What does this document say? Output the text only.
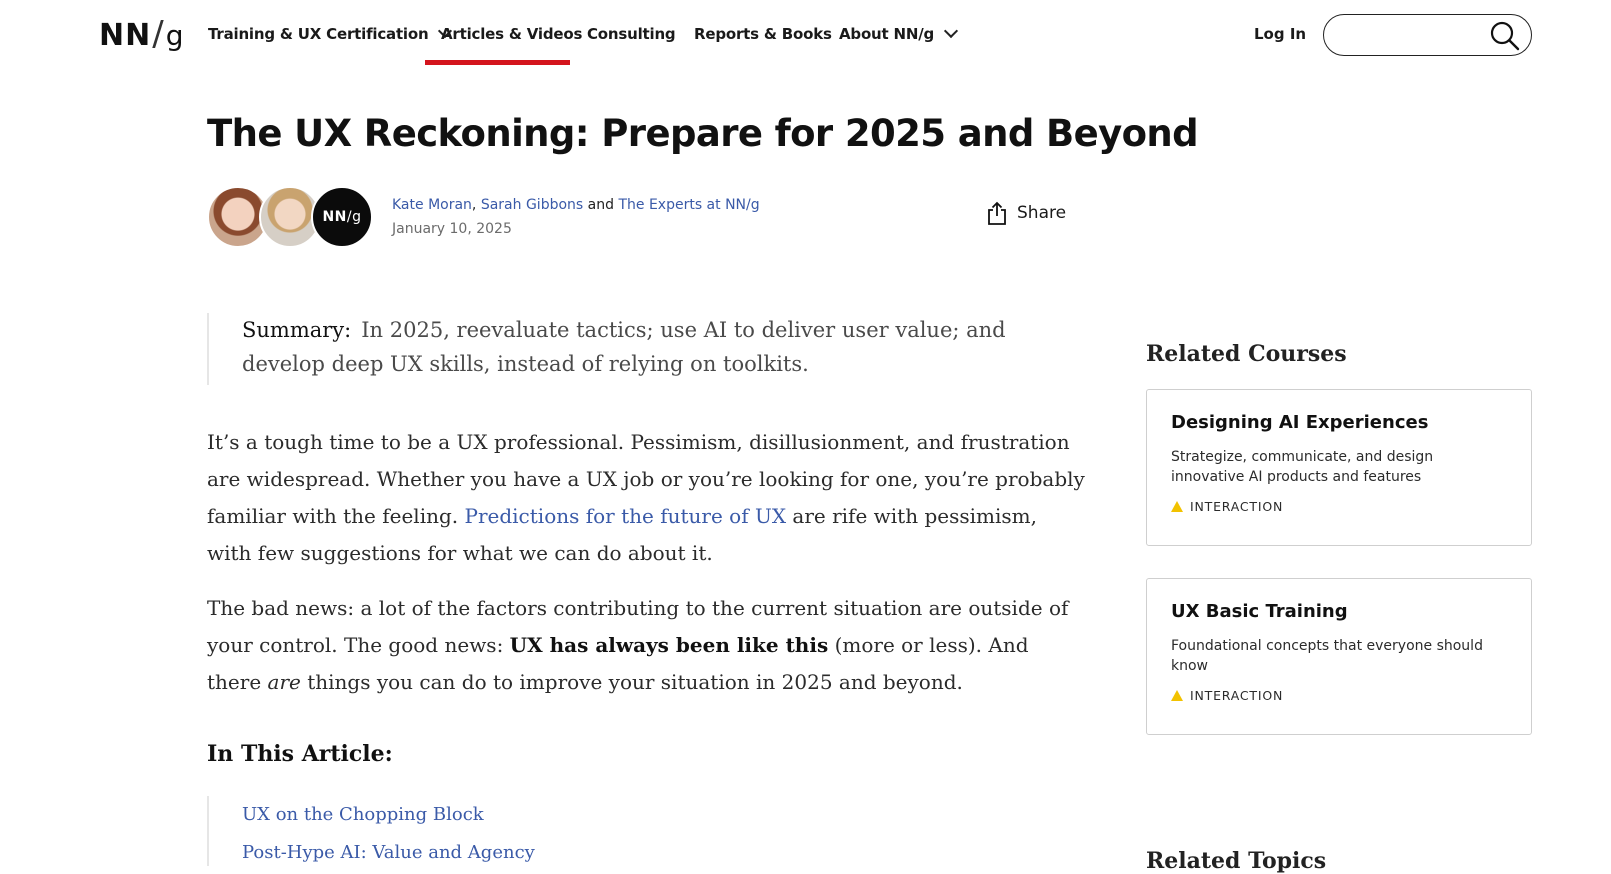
NN / g Training & UX Certification Articles & Videos Consulting Reports & Books About NN/g	Log In
The UX Reckoning: Prepare for 2025 and Beyond
NN / g
Kate Moran, Sarah Gibbons and The Experts at NN/g
January 10, 2025
Share
Summary: In 2025, reevaluate tactics; use AI to deliver user value; and develop deep UX skills, instead of relying on toolkits.

It’s a tough time to be a UX professional. Pessimism, disillusionment, and frustration are widespread. Whether you have a UX job or you’re looking for one, you’re probably familiar with the feeling. Predictions for the future of UX are rife with pessimism, with few suggestions for what we can do about it.

The bad news: a lot of the factors contributing to the current situation are outside of your control. The good news: UX has always been like this (more or less). And there are things you can do to improve your situation in 2025 and beyond.

In This Article:
UX on the Chopping Block
Post-Hype AI: Value and Agency
Related Courses
Designing AI Experiences
Strategize, communicate, and design innovative AI products and features
INTERACTION
UX Basic Training
Foundational concepts that everyone should know
INTERACTION
Related Topics
